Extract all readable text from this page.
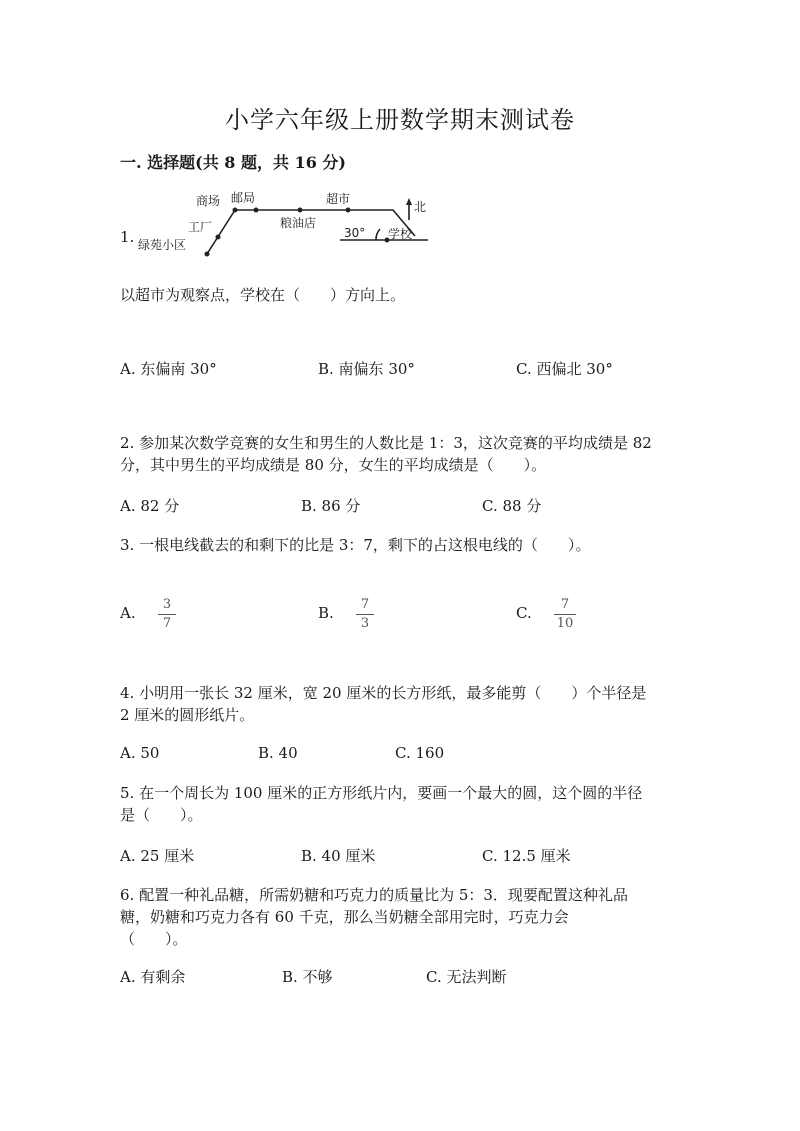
小学六年级上册数学期末测试卷
一. 选择题(共 8 题，共 16 分)
1.
商场 邮局	超市
工厂	粮油店
绿苑小区
学校
30°
北
以超市为观察点，学校在（　　）方向上。
A. 东偏南 30°	B. 南偏东 30°	C. 西偏北 30°
2. 参加某次数学竞赛的女生和男生的人数比是 1：3，这次竞赛的平均成绩是 82
分，其中男生的平均成绩是 80 分，女生的平均成绩是（　　）。
A. 82 分	B. 86 分	C. 88 分
3. 一根电线截去的和剩下的比是 3：7，剩下的占这根电线的（　　）。
A.	3
7
B.	7
3
C.	7
10
4. 小明用一张长 32 厘米，宽 20 厘米的长方形纸，最多能剪（　　）个半径是
2 厘米的圆形纸片。
A. 50	B. 40	C. 160
5. 在一个周长为 100 厘米的正方形纸片内，要画一个最大的圆，这个圆的半径
是（　　）。
A. 25 厘米	B. 40 厘米	C. 12.5 厘米
6. 配置一种礼品糖，所需奶糖和巧克力的质量比为 5：3．现要配置这种礼品
糖，奶糖和巧克力各有 60 千克，那么当奶糖全部用完时，巧克力会
（　　）。
A. 有剩余	B. 不够	C. 无法判断
